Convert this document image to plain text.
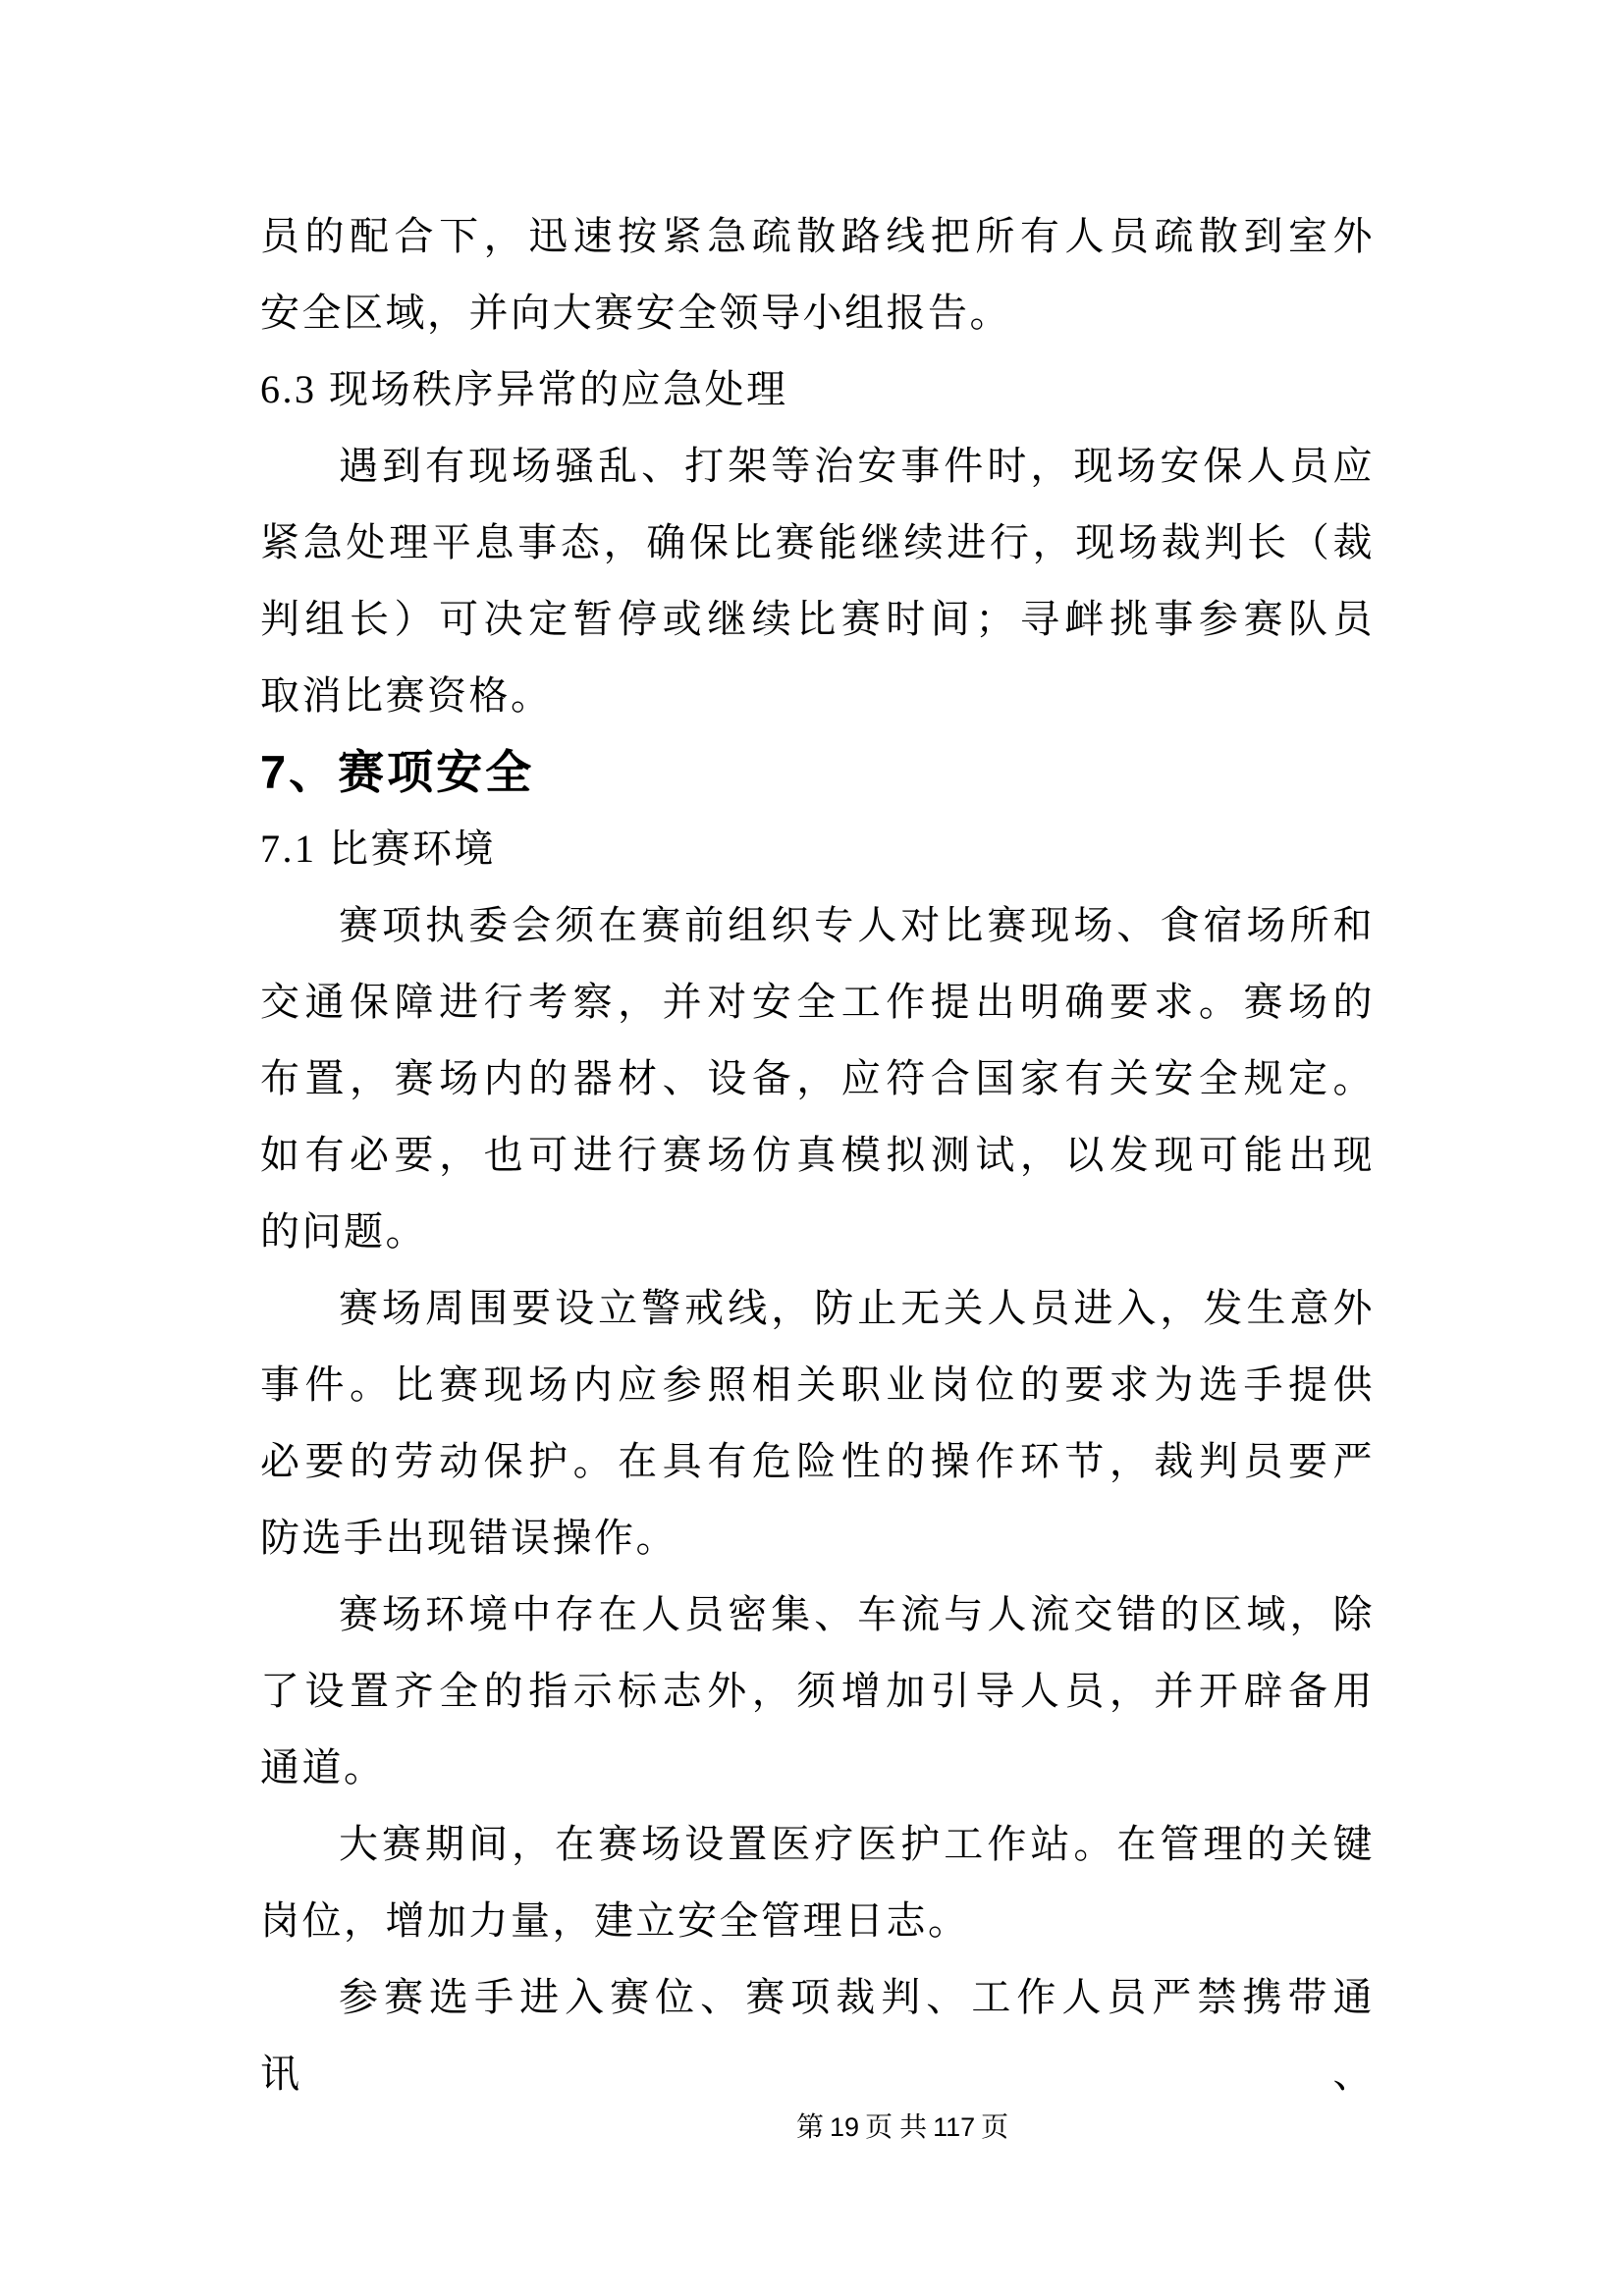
员的配合下，迅速按紧急疏散路线把所有人员疏散到室外
安全区域，并向大赛安全领导小组报告。
6.3 现场秩序异常的应急处理
遇到有现场骚乱、打架等治安事件时，现场安保人员应
紧急处理平息事态，确保比赛能继续进行，现场裁判长（裁
判组长）可决定暂停或继续比赛时间；寻衅挑事参赛队员
取消比赛资格。
7、赛项安全
7.1 比赛环境
赛项执委会须在赛前组织专人对比赛现场、食宿场所和
交通保障进行考察，并对安全工作提出明确要求。赛场的
布置，赛场内的器材、设备，应符合国家有关安全规定。
如有必要，也可进行赛场仿真模拟测试，以发现可能出现
的问题。
赛场周围要设立警戒线，防止无关人员进入，发生意外
事件。比赛现场内应参照相关职业岗位的要求为选手提供
必要的劳动保护。在具有危险性的操作环节，裁判员要严
防选手出现错误操作。
赛场环境中存在人员密集、车流与人流交错的区域，除
了设置齐全的指示标志外，须增加引导人员，并开辟备用
通道。
大赛期间，在赛场设置医疗医护工作站。在管理的关键
岗位，增加力量，建立安全管理日志。
参赛选手进入赛位、赛项裁判、工作人员严禁携带通讯、
第 19 页 共 117 页
